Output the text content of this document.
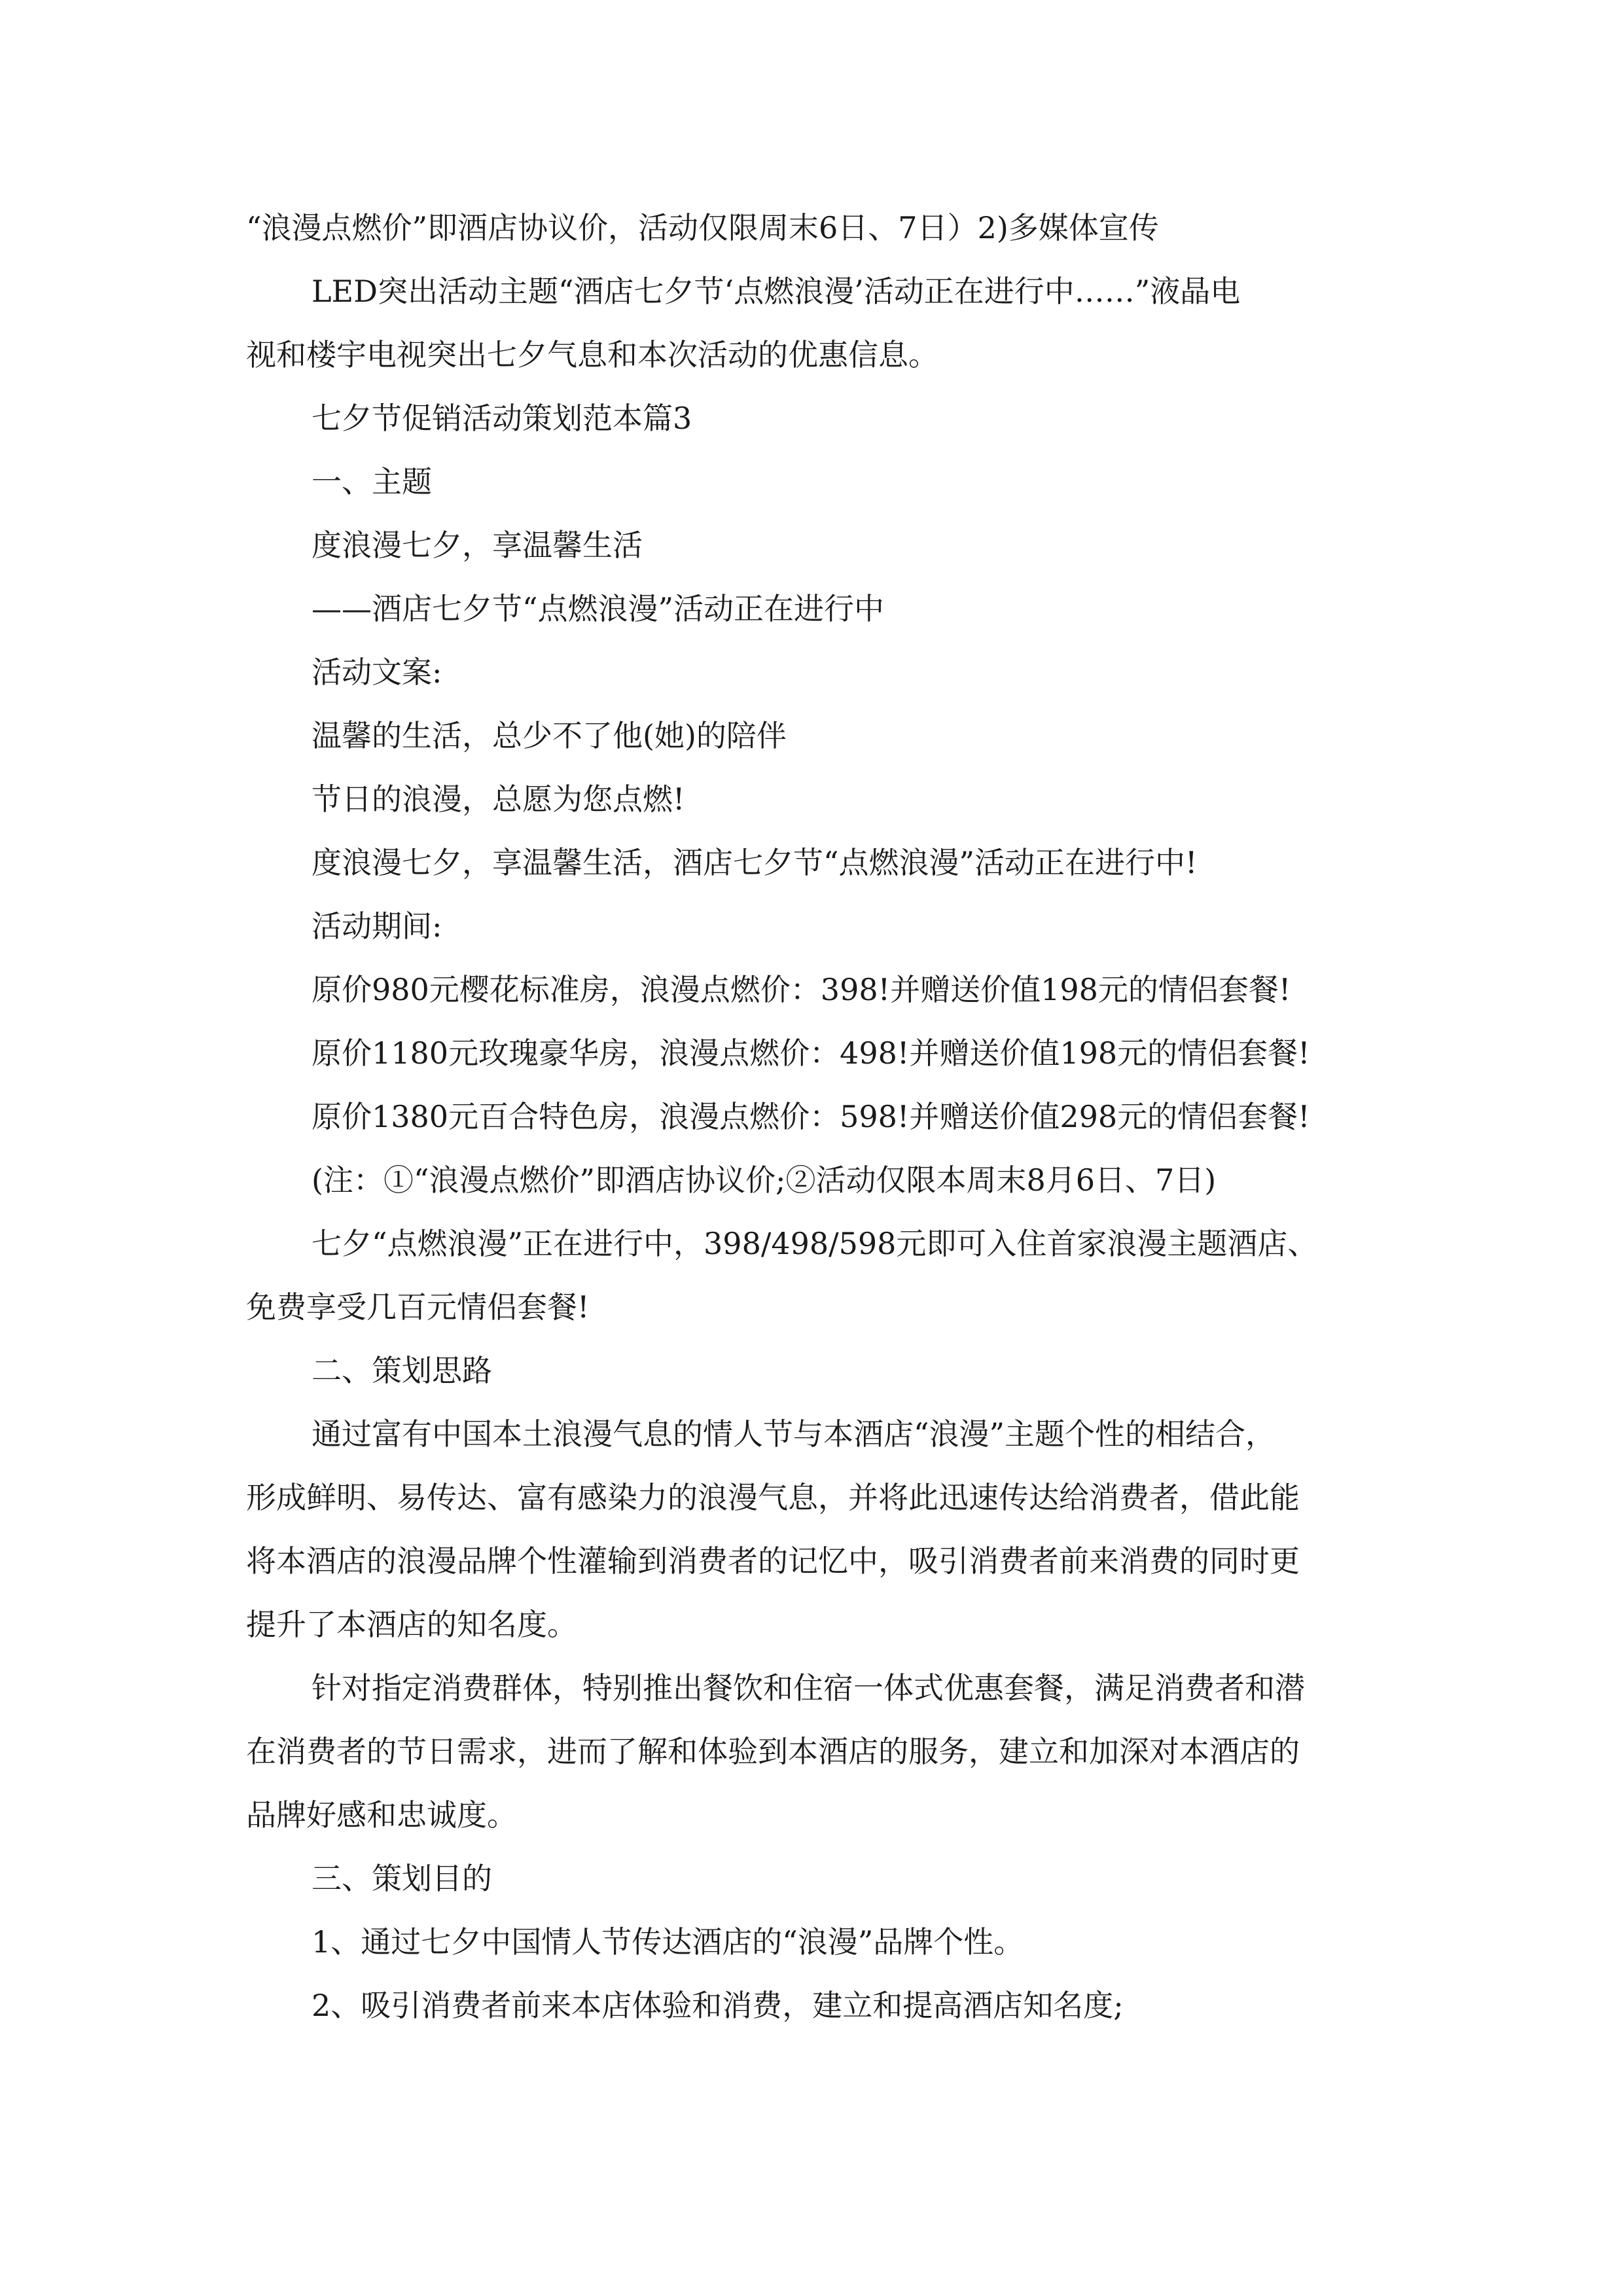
“浪漫点燃价”即酒店协议价，活动仅限周末6日、7日）2)多媒体宣传

LED突出活动主题“酒店七夕节‘点燃浪漫’活动正在进行中……”液晶电

视和楼宇电视突出七夕气息和本次活动的优惠信息。

七夕节促销活动策划范本篇3

一、主题

度浪漫七夕，享温馨生活

——酒店七夕节“点燃浪漫”活动正在进行中

活动文案:

温馨的生活，总少不了他(她)的陪伴

节日的浪漫，总愿为您点燃!

度浪漫七夕，享温馨生活，酒店七夕节“点燃浪漫”活动正在进行中!

活动期间:

原价980元樱花标准房，浪漫点燃价：398!并赠送价值198元的情侣套餐!

原价1180元玫瑰豪华房，浪漫点燃价：498!并赠送价值198元的情侣套餐!

原价1380元百合特色房，浪漫点燃价：598!并赠送价值298元的情侣套餐!

(注：①“浪漫点燃价”即酒店协议价;②活动仅限本周末8月6日、7日)

七夕“点燃浪漫”正在进行中，398/498/598元即可入住首家浪漫主题酒店、

免费享受几百元情侣套餐!

二、策划思路

通过富有中国本土浪漫气息的情人节与本酒店“浪漫”主题个性的相结合，

形成鲜明、易传达、富有感染力的浪漫气息，并将此迅速传达给消费者，借此能

将本酒店的浪漫品牌个性灌输到消费者的记忆中，吸引消费者前来消费的同时更

提升了本酒店的知名度。

针对指定消费群体，特别推出餐饮和住宿一体式优惠套餐，满足消费者和潜

在消费者的节日需求，进而了解和体验到本酒店的服务，建立和加深对本酒店的

品牌好感和忠诚度。

三、策划目的

1、通过七夕中国情人节传达酒店的“浪漫”品牌个性。

2、吸引消费者前来本店体验和消费，建立和提高酒店知名度;
